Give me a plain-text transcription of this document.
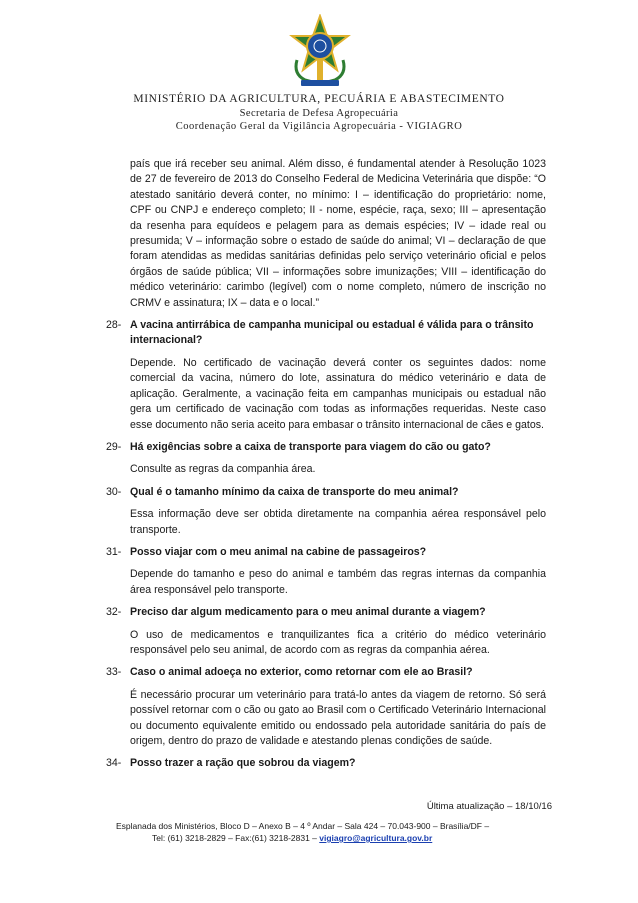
MINISTÉRIO DA AGRICULTURA, PECUÁRIA E ABASTECIMENTO
Secretaria de Defesa Agropecuária
Coordenação Geral da Vigilância Agropecuária - VIGIAGRO

país que irá receber seu animal. Além disso, é fundamental atender à Resolução 1023 de 27 de fevereiro de 2013 do Conselho Federal de Medicina Veterinária que dispõe: “O atestado sanitário deverá conter, no mínimo: I – identificação do proprietário: nome, CPF ou CNPJ e endereço completo; II - nome, espécie, raça, sexo; III – apresentação da resenha para equídeos e pelagem para as demais espécies; IV – idade real ou presumida; V – informação sobre o estado de saúde do animal; VI – declaração de que foram atendidas as medidas sanitárias definidas pelo serviço veterinário oficial e pelos órgãos de saúde pública; VII – informações sobre imunizações; VIII – identificação do médico veterinário: carimbo (legível) com o nome completo, número de inscrição no CRMV e assinatura; IX – data e o local.”

28- A vacina antirrábica de campanha municipal ou estadual é válida para o trânsito internacional?

Depende. No certificado de vacinação deverá conter os seguintes dados: nome comercial da vacina, número do lote, assinatura do médico veterinário e data de aplicação. Geralmente, a vacinação feita em campanhas municipais ou estadual não gera um certificado de vacinação com todas as informações requeridas. Neste caso esse documento não seria aceito para embasar o trânsito internacional de cães e gatos.

29- Há exigências sobre a caixa de transporte para viagem do cão ou gato?

Consulte as regras da companhia área.

30- Qual é o tamanho mínimo da caixa de transporte do meu animal?

Essa informação deve ser obtida diretamente na companhia aérea responsável pelo transporte.

31- Posso viajar com o meu animal na cabine de passageiros?

Depende do tamanho e peso do animal e também das regras internas da companhia área responsável pelo transporte.

32- Preciso dar algum medicamento para o meu animal durante a viagem?

O uso de medicamentos e tranquilizantes fica a critério do médico veterinário responsável pelo seu animal, de acordo com as regras da companhia aérea.

33- Caso o animal adoeça no exterior, como retornar com ele ao Brasil?

É necessário procurar um veterinário para tratá-lo antes da viagem de retorno. Só será possível retornar com o cão ou gato ao Brasil com o Certificado Veterinário Internacional ou documento equivalente emitido ou endossado pela autoridade sanitária do país de origem, dentro do prazo de validade e atestando plenas condições de saúde.

34- Posso trazer a ração que sobrou da viagem?
Última atualização – 18/10/16
Esplanada dos Ministérios, Bloco D – Anexo B – 4 º Andar – Sala 424 – 70.043-900 – Brasília/DF –
Tel: (61) 3218-2829 – Fax:(61) 3218-2831 – vigiagro@agricultura.gov.br
